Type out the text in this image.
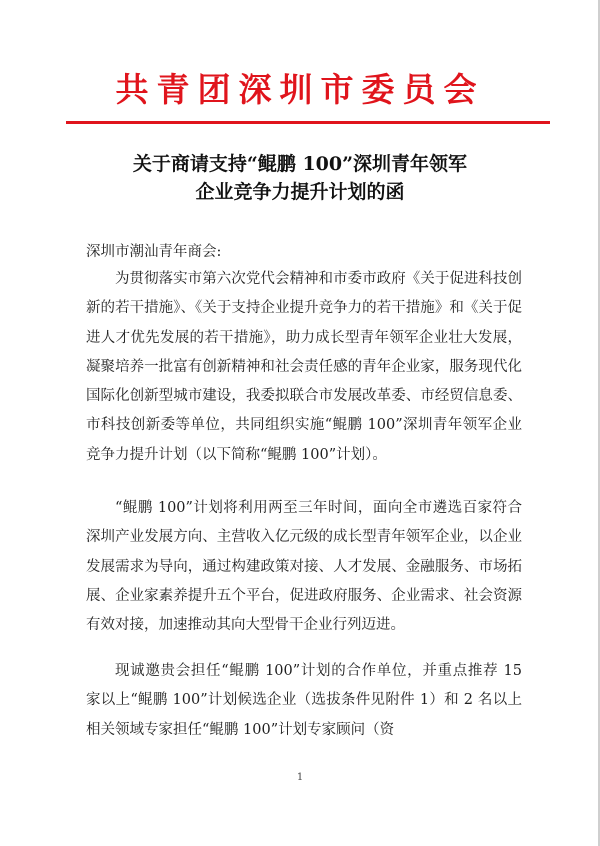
共青团深圳市委员会
关于商请支持“鲲鹏 100”深圳青年领军
企业竞争力提升计划的函
深圳市潮汕青年商会:
为贯彻落实市第六次党代会精神和市委市政府《关于促进科技创新的若干措施》、《关于支持企业提升竞争力的若干措施》和《关于促进人才优先发展的若干措施》，助力成长型青年领军企业壮大发展，凝聚培养一批富有创新精神和社会责任感的青年企业家，服务现代化国际化创新型城市建设，我委拟联合市发展改革委、市经贸信息委、市科技创新委等单位，共同组织实施“鲲鹏 100”深圳青年领军企业竞争力提升计划（以下简称“鲲鹏 100”计划）。
“鲲鹏 100”计划将利用两至三年时间，面向全市遴选百家符合深圳产业发展方向、主营收入亿元级的成长型青年领军企业，以企业发展需求为导向，通过构建政策对接、人才发展、金融服务、市场拓展、企业家素养提升五个平台，促进政府服务、企业需求、社会资源有效对接，加速推动其向大型骨干企业行列迈进。
现诚邀贵会担任“鲲鹏 100”计划的合作单位，并重点推荐 15 家以上“鲲鹏 100”计划候选企业（选拔条件见附件 1）和 2 名以上相关领域专家担任“鲲鹏 100”计划专家顾问（资
1
